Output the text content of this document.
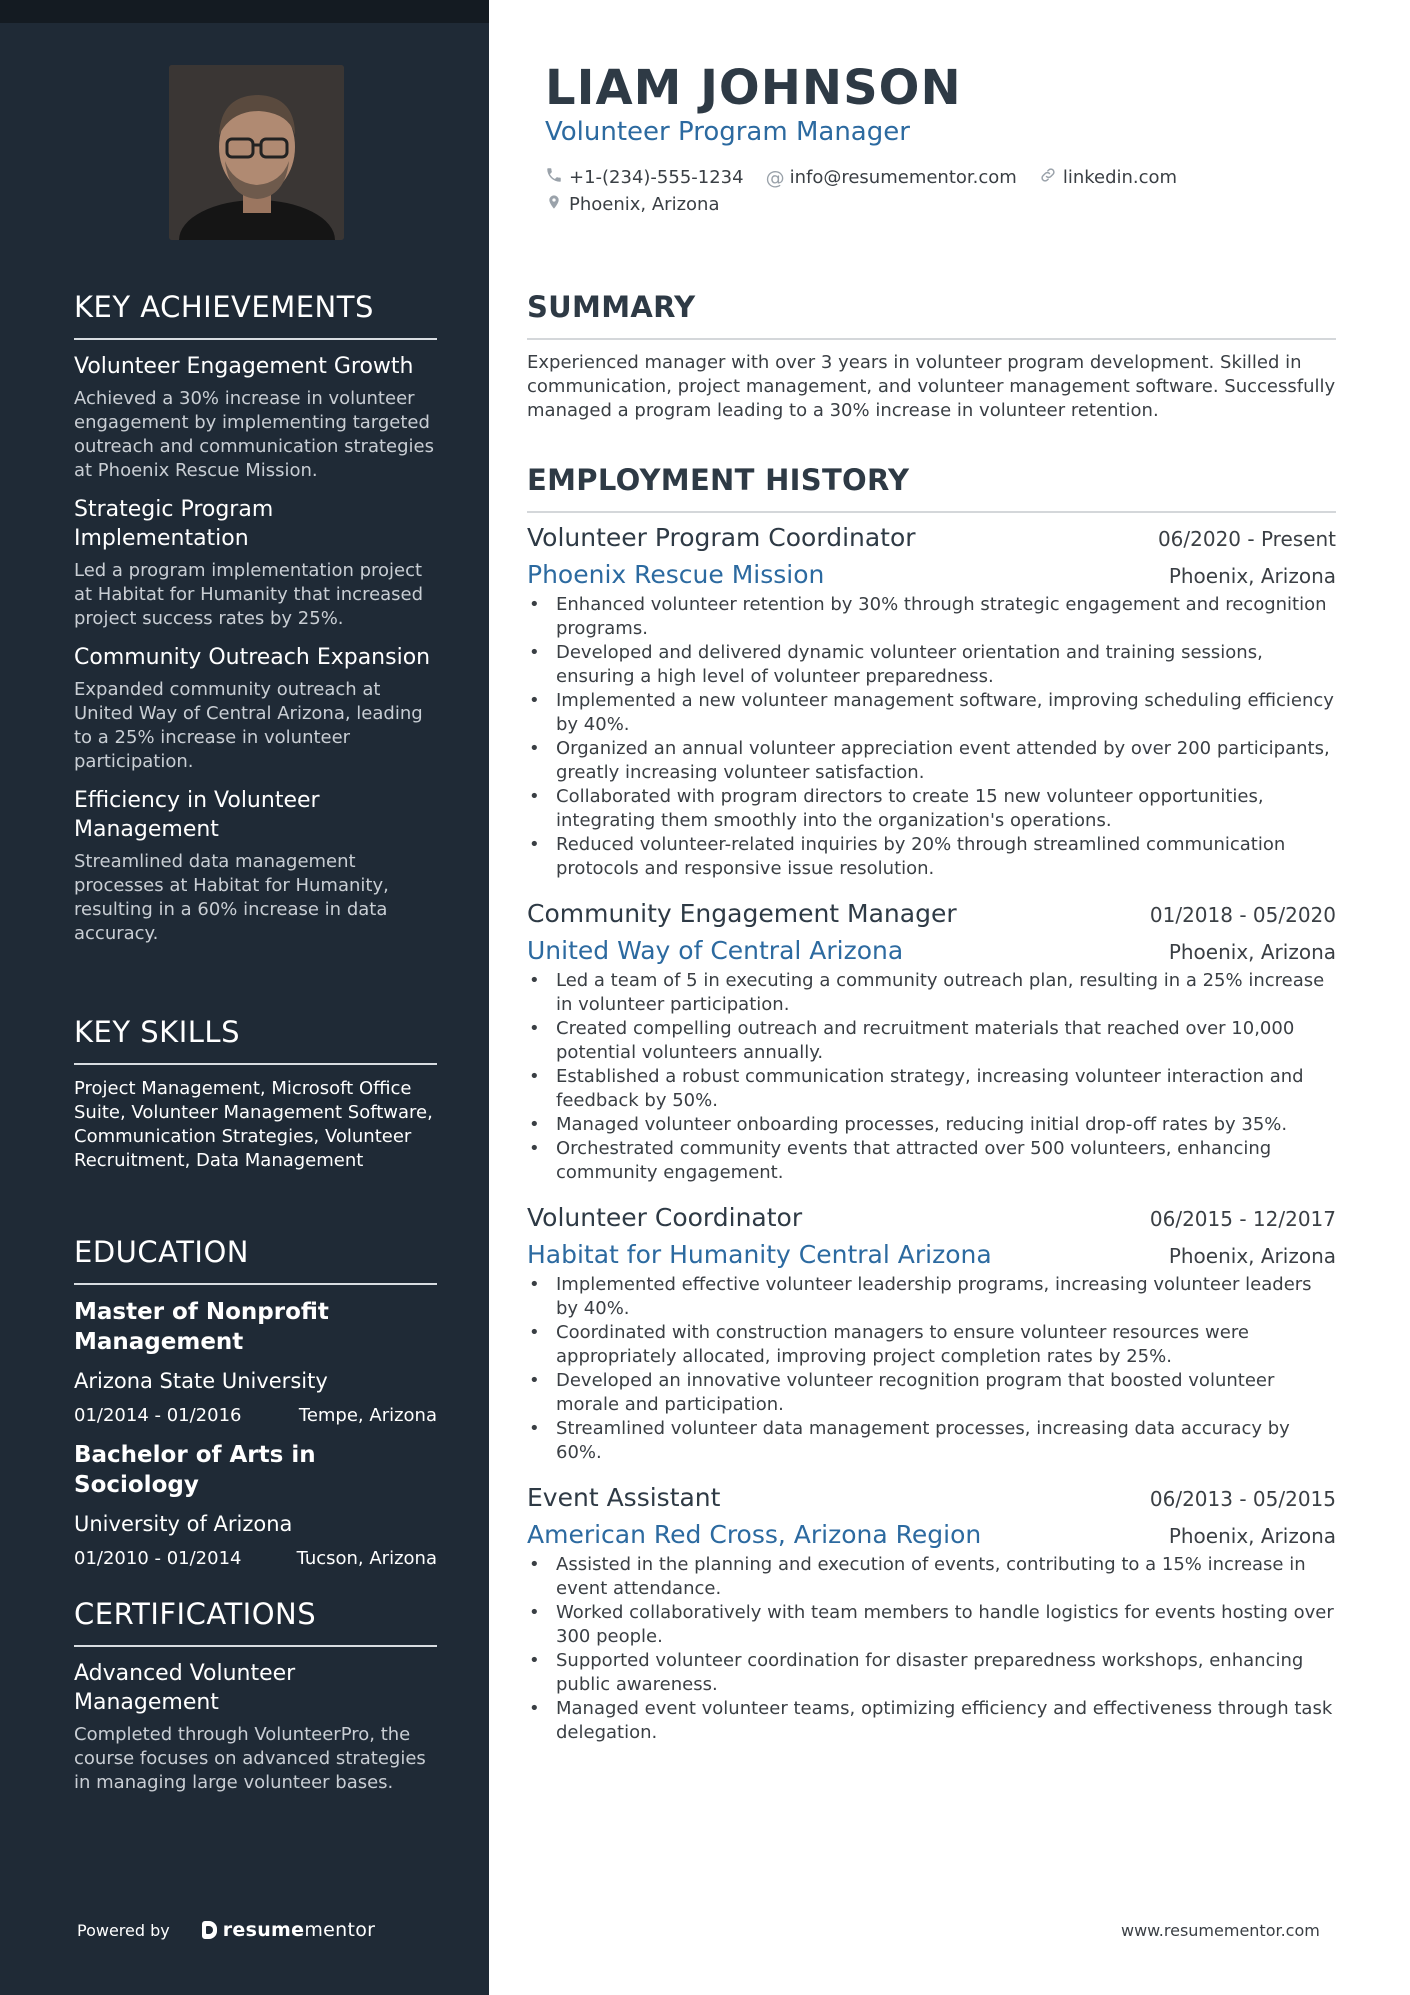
KEY ACHIEVEMENTS
Volunteer Engagement Growth
Achieved a 30% increase in volunteer engagement by implementing targeted outreach and communication strategies at Phoenix Rescue Mission.
Strategic Program Implementation
Led a program implementation project at Habitat for Humanity that increased project success rates by 25%.
Community Outreach Expansion
Expanded community outreach at United Way of Central Arizona, leading to a 25% increase in volunteer participation.
Efficiency in Volunteer Management
Streamlined data management processes at Habitat for Humanity, resulting in a 60% increase in data accuracy.
KEY SKILLS
Project Management, Microsoft Office Suite, Volunteer Management Software, Communication Strategies, Volunteer Recruitment, Data Management
EDUCATION
Master of Nonprofit Management
Arizona State University
01/2014 - 01/2016	Tempe, Arizona
Bachelor of Arts in Sociology
University of Arizona
01/2010 - 01/2014	Tucson, Arizona
CERTIFICATIONS
Advanced Volunteer Management
Completed through VolunteerPro, the course focuses on advanced strategies in managing large volunteer bases.
Powered by	resume mentor
LIAM JOHNSON
Volunteer Program Manager
+1-(234)-555-1234 @ info@resumementor.com	linkedin.com
Phoenix, Arizona
SUMMARY

Experienced manager with over 3 years in volunteer program development. Skilled in communication, project management, and volunteer management software. Successfully managed a program leading to a 30% increase in volunteer retention.

EMPLOYMENT HISTORY
Volunteer Program Coordinator	06/2020 - Present
Phoenix Rescue Mission	Phoenix, Arizona
• Enhanced volunteer retention by 30% through strategic engagement and recognition programs.
• Developed and delivered dynamic volunteer orientation and training sessions, ensuring a high level of volunteer preparedness.
• Implemented a new volunteer management software, improving scheduling efficiency by 40%.
• Organized an annual volunteer appreciation event attended by over 200 participants, greatly increasing volunteer satisfaction.
• Collaborated with program directors to create 15 new volunteer opportunities, integrating them smoothly into the organization's operations.
• Reduced volunteer-related inquiries by 20% through streamlined communication protocols and responsive issue resolution.
Community Engagement Manager	01/2018 - 05/2020
United Way of Central Arizona	Phoenix, Arizona
• Led a team of 5 in executing a community outreach plan, resulting in a 25% increase in volunteer participation.
• Created compelling outreach and recruitment materials that reached over 10,000 potential volunteers annually.
• Established a robust communication strategy, increasing volunteer interaction and feedback by 50%.
• Managed volunteer onboarding processes, reducing initial drop-off rates by 35%.
• Orchestrated community events that attracted over 500 volunteers, enhancing community engagement.
Volunteer Coordinator	06/2015 - 12/2017
Habitat for Humanity Central Arizona	Phoenix, Arizona
• Implemented effective volunteer leadership programs, increasing volunteer leaders by 40%.
• Coordinated with construction managers to ensure volunteer resources were appropriately allocated, improving project completion rates by 25%.
• Developed an innovative volunteer recognition program that boosted volunteer morale and participation.
• Streamlined volunteer data management processes, increasing data accuracy by 60%.
Event Assistant	06/2013 - 05/2015
American Red Cross, Arizona Region	Phoenix, Arizona
• Assisted in the planning and execution of events, contributing to a 15% increase in event attendance.
• Worked collaboratively with team members to handle logistics for events hosting over 300 people.
• Supported volunteer coordination for disaster preparedness workshops, enhancing public awareness.
• Managed event volunteer teams, optimizing efficiency and effectiveness through task delegation.
www.resumementor.com
